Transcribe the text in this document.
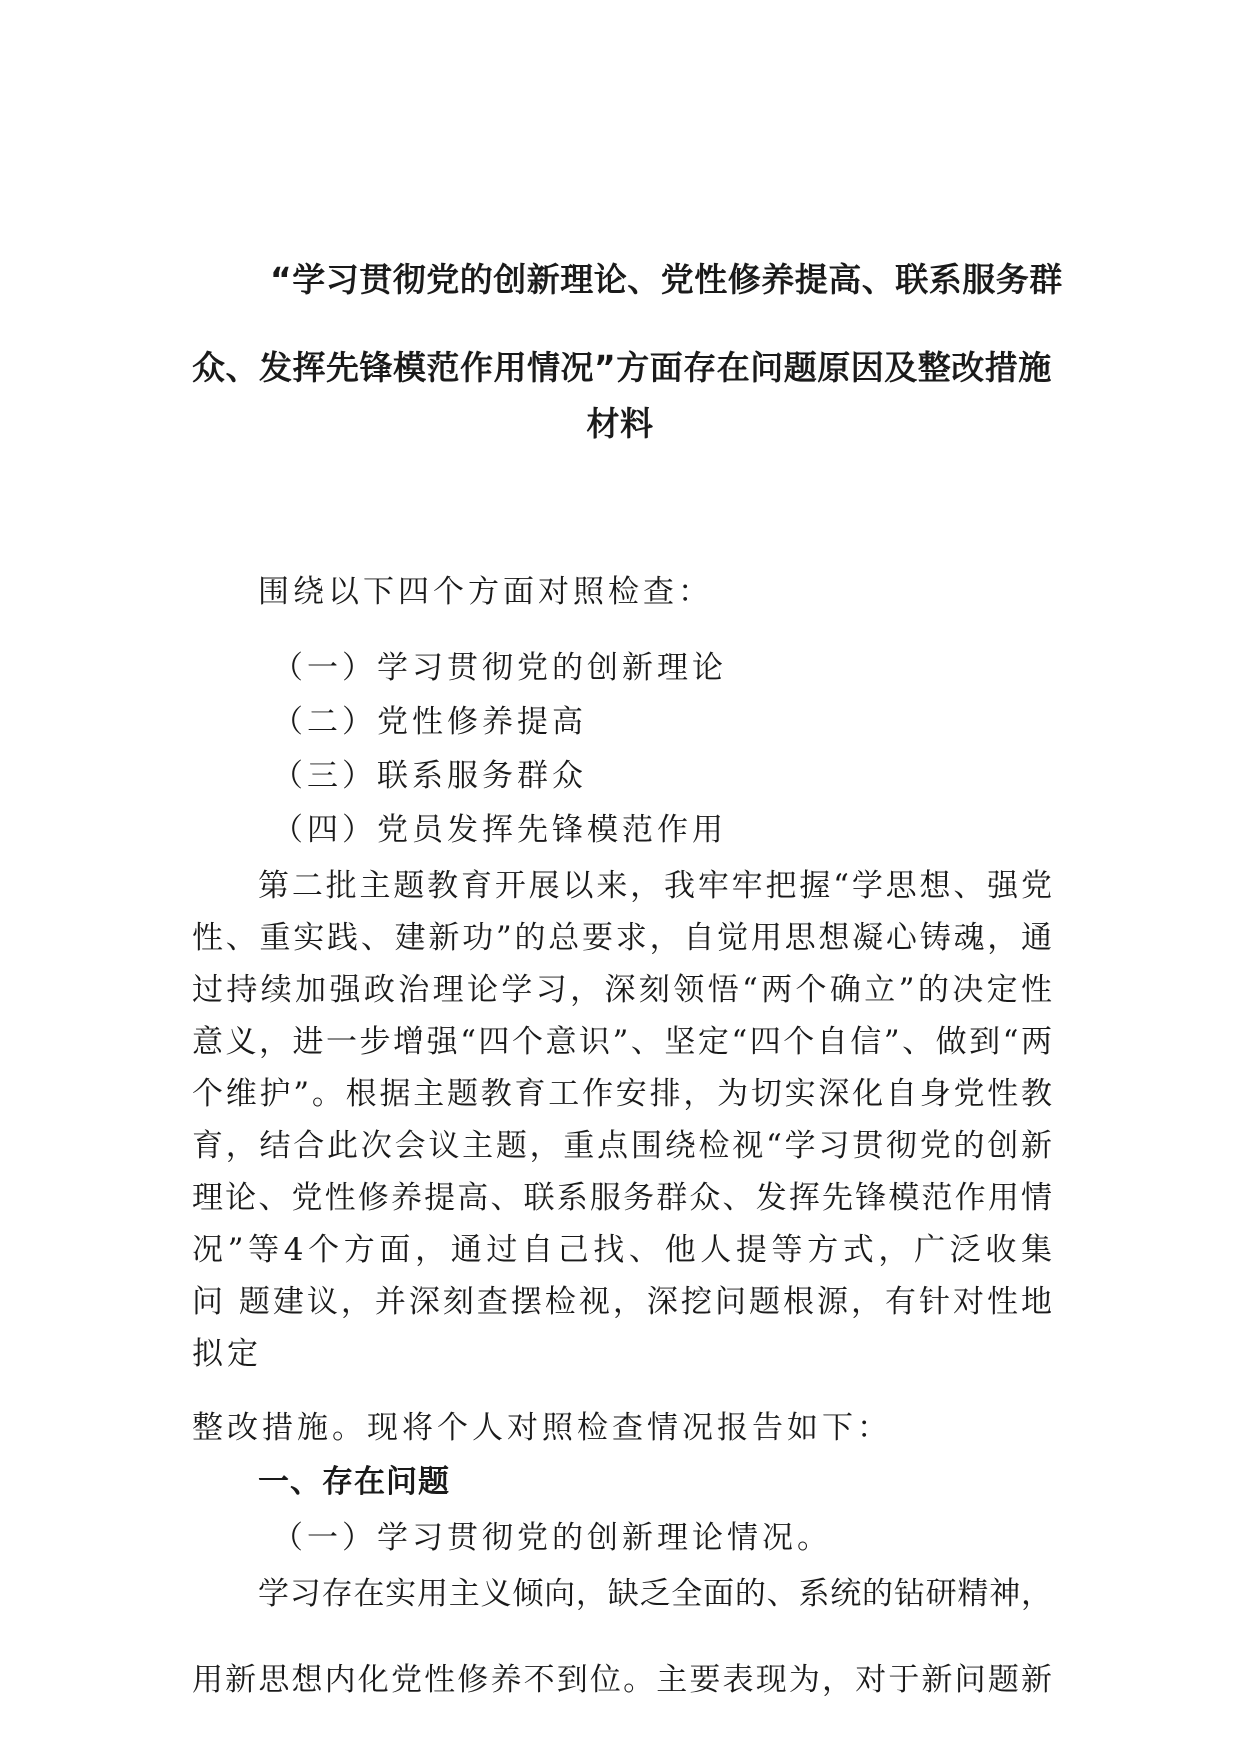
“学习贯彻党的创新理论、党性修养提高、联系服务群
众、发挥先锋模范作用情况”方面存在问题原因及整改措施
材料
围绕以下四个方面对照检查：
（一）学习贯彻党的创新理论
（二）党性修养提高
（三）联系服务群众
（四）党员发挥先锋模范作用
第二批主题教育开展以来，我牢牢把握“学思想、强党
性、重实践、建新功”的总要求，自觉用思想凝心铸魂，通
过持续加强政治理论学习，深刻领悟“两个确立”的决定性
意义，进一步增强“四个意识”、坚定“四个自信”、做到“两
个维护”。根据主题教育工作安排，为切实深化自身党性教
育，结合此次会议主题，重点围绕检视“学习贯彻党的创新
理论、党性修养提高、联系服务群众、发挥先锋模范作用情
况”等4个方面，通过自己找、他人提等方式，广泛收集
问 题建议，并深刻查摆检视，深挖问题根源，有针对性地
拟定
整改措施。现将个人对照检查情况报告如下：
一、存在问题
（一）学习贯彻党的创新理论情况。
学习存在实用主义倾向，缺乏全面的、系统的钻研精神，
用新思想内化党性修养不到位。主要表现为，对于新问题新
